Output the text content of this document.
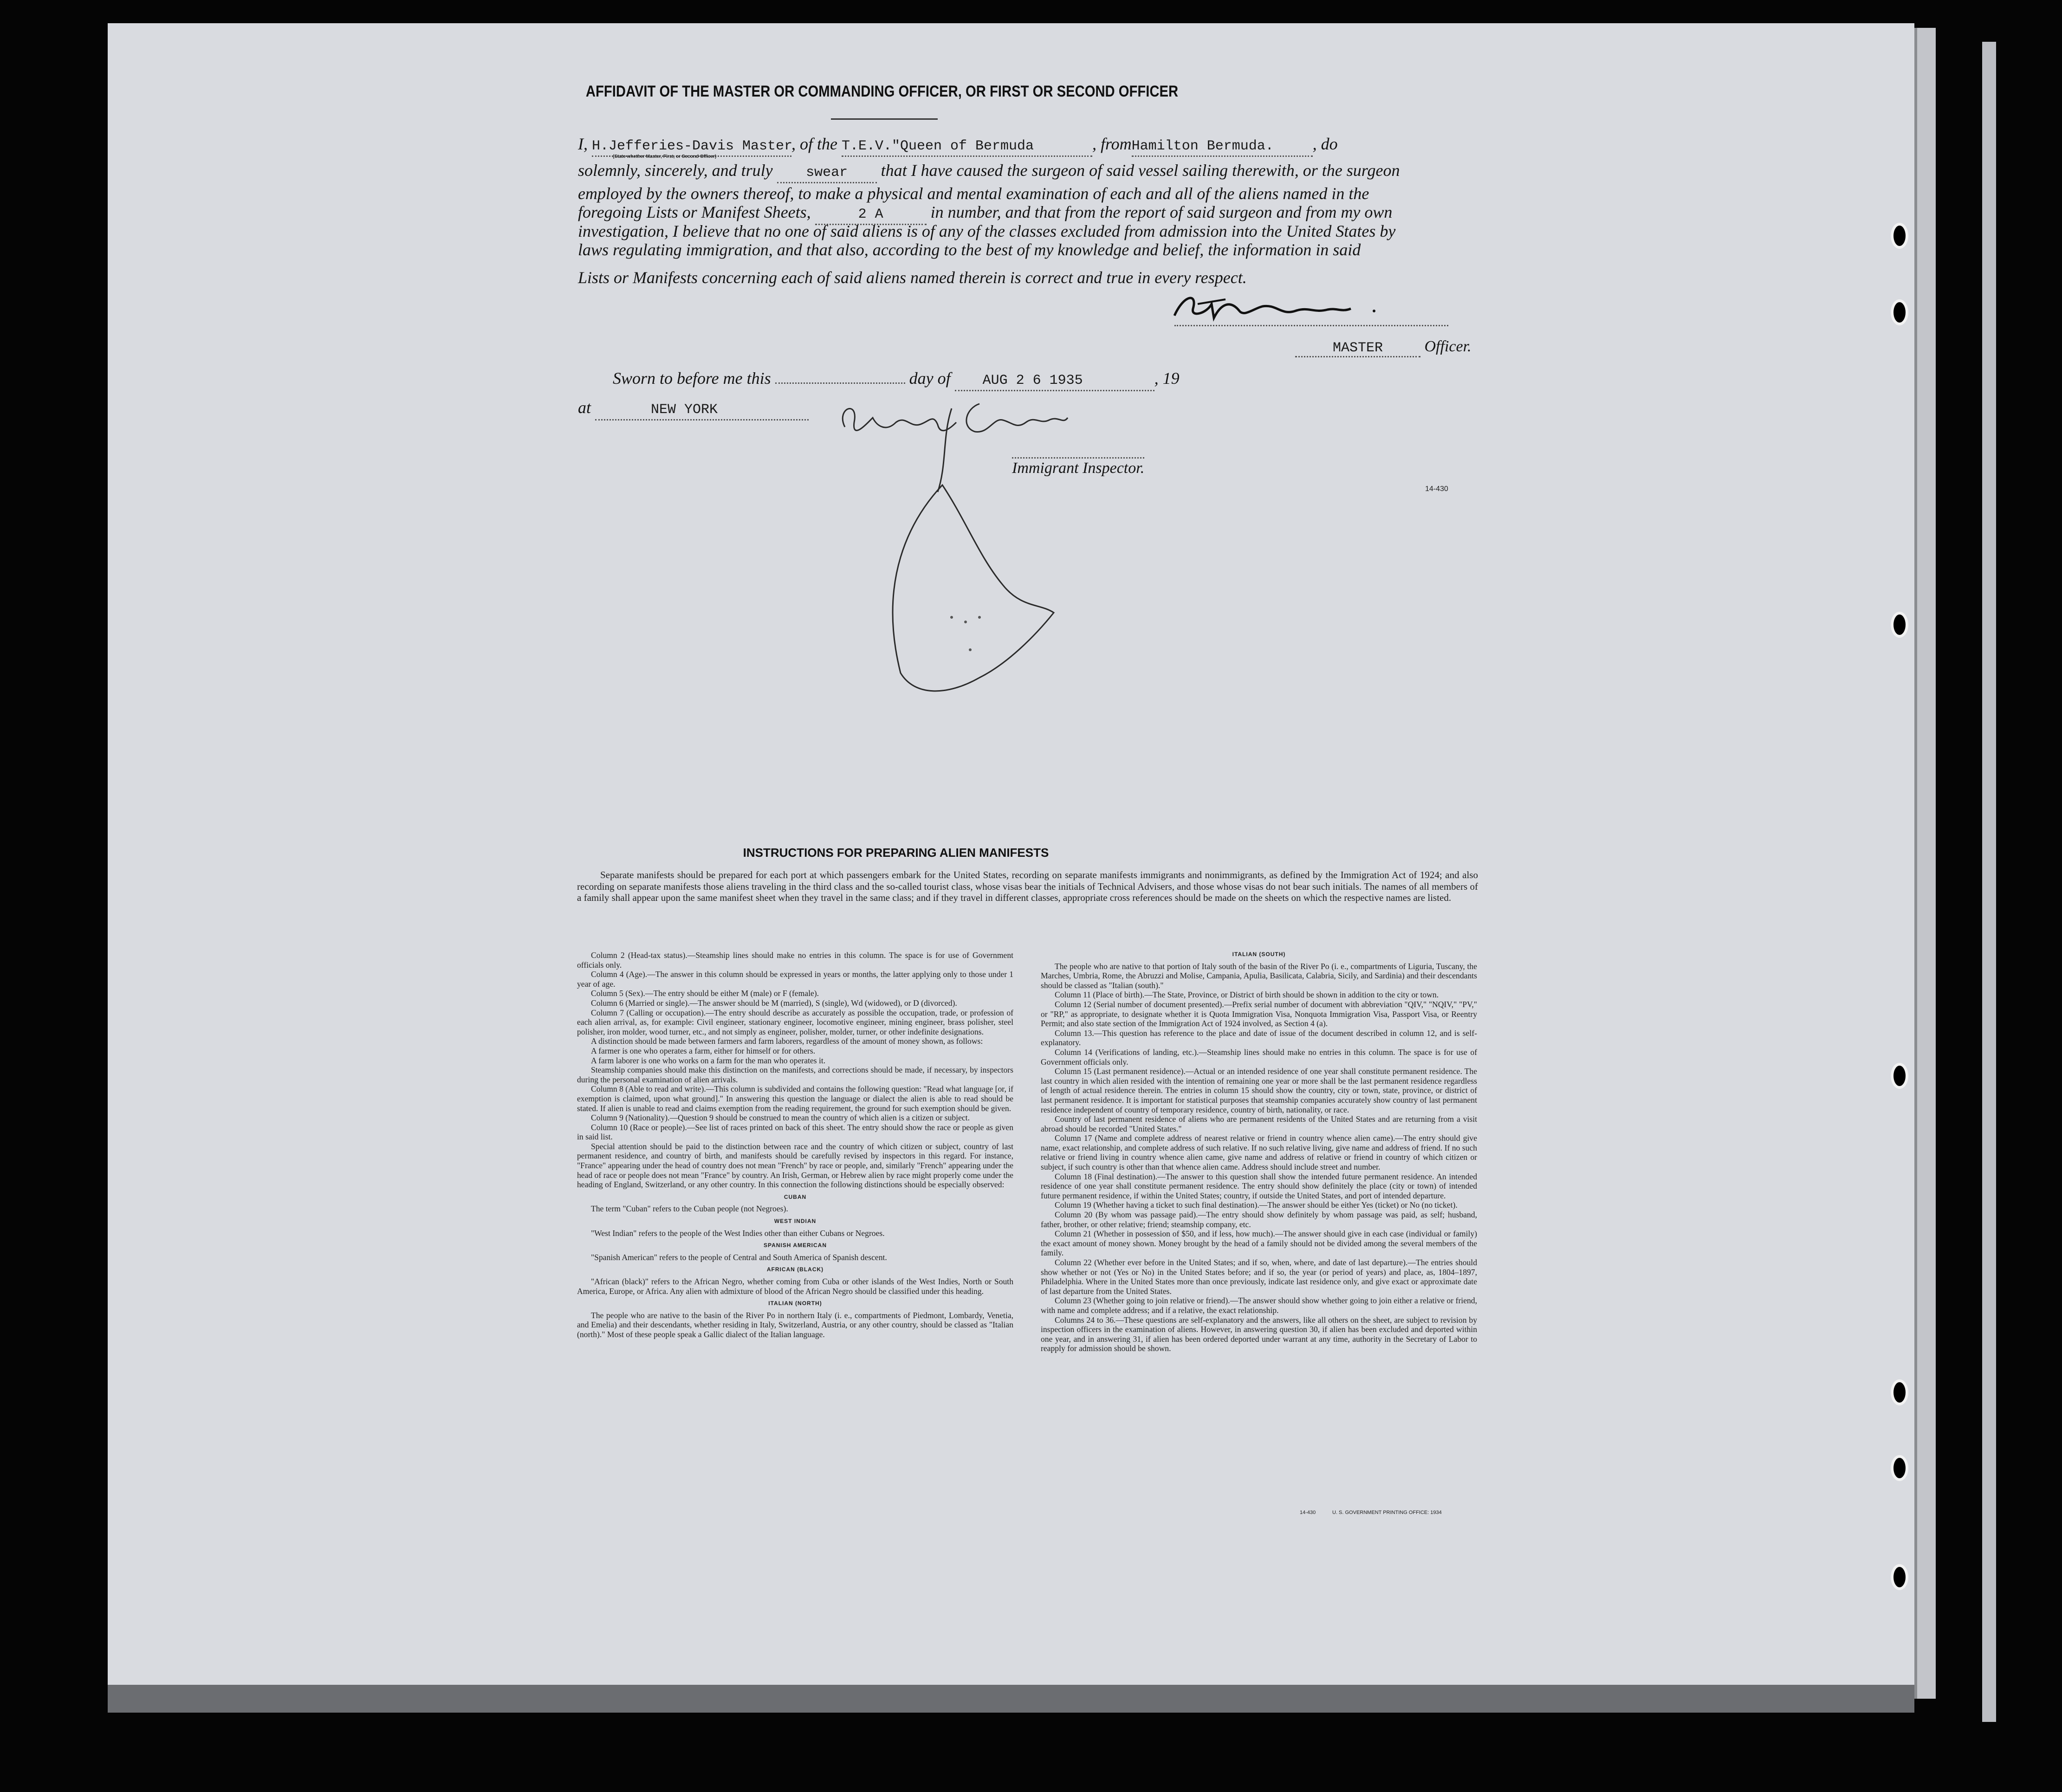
AFFIDAVIT OF THE MASTER OR COMMANDING OFFICER, OR FIRST OR SECOND OFFICER
I, H.Jefferies-Davis Master, of the T.E.V."Queen of Bermuda	, fromHamilton Bermuda. , do
(State whether Master, First, or Second Officer)
solemnly, sincerely, and truly swear that I have caused the surgeon of said vessel sailing therewith, or the surgeon
employed by the owners thereof, to make a physical and mental examination of each and all of the aliens named in the
foregoing Lists or Manifest Sheets,	2 A	in number, and that from the report of said surgeon and from my own
investigation, I believe that no one of said aliens is of any of the classes excluded from admission into the United States by
laws regulating immigration, and that also, according to the best of my knowledge and belief, the information in said
Lists or Manifests concerning each of said aliens named therein is correct and true in every respect.
MASTER	Officer.
Sworn to before me this	day of AUG 2 6 1935	, 19
at	NEW YORK
Immigrant Inspector.
14-430
INSTRUCTIONS FOR PREPARING ALIEN MANIFESTS
Separate manifests should be prepared for each port at which passengers embark for the United States, recording on separate manifests immigrants and nonimmigrants, as defined by the Immigration Act of 1924; and also recording on separate manifests those aliens traveling in the third class and the so-called tourist class, whose visas bear the initials of Technical Advisers, and those whose visas do not bear such initials. The names of all members of a family shall appear upon the same manifest sheet when they travel in the same class; and if they travel in different classes, appropriate cross references should be made on the sheets on which the respective names are listed.

Column 2 (Head-tax status).—Steamship lines should make no entries in this column. The space is for use of Government officials only.

Column 4 (Age).—The answer in this column should be expressed in years or months, the latter applying only to those under 1 year of age.

Column 5 (Sex).—The entry should be either M (male) or F (female).

Column 6 (Married or single).—The answer should be M (married), S (single), Wd (widowed), or D (divorced).

Column 7 (Calling or occupation).—The entry should describe as accurately as possible the occupation, trade, or profession of each alien arrival, as, for example: Civil engineer, stationary engineer, locomotive engineer, mining engineer, brass polisher, steel polisher, iron molder, wood turner, etc., and not simply as engineer, polisher, molder, turner, or other indefinite designations.

A distinction should be made between farmers and farm laborers, regardless of the amount of money shown, as follows:

A farmer is one who operates a farm, either for himself or for others.

A farm laborer is one who works on a farm for the man who operates it.

Steamship companies should make this distinction on the manifests, and corrections should be made, if necessary, by inspectors during the personal examination of alien arrivals.

Column 8 (Able to read and write).—This column is subdivided and contains the following question: "Read what language [or, if exemption is claimed, upon what ground]." In answering this question the language or dialect the alien is able to read should be stated. If alien is unable to read and claims exemption from the reading requirement, the ground for such exemption should be given.

Column 9 (Nationality).—Question 9 should be construed to mean the country of which alien is a citizen or subject.

Column 10 (Race or people).—See list of races printed on back of this sheet. The entry should show the race or people as given in said list.

Special attention should be paid to the distinction between race and the country of which citizen or subject, country of last permanent residence, and country of birth, and manifests should be carefully revised by inspectors in this regard. For instance, "France" appearing under the head of country does not mean "French" by race or people, and, similarly "French" appearing under the head of race or people does not mean "France" by country. An Irish, German, or Hebrew alien by race might properly come under the heading of England, Switzerland, or any other country. In this connection the following distinctions should be especially observed:

CUBAN

The term "Cuban" refers to the Cuban people (not Negroes).

WEST INDIAN

"West Indian" refers to the people of the West Indies other than either Cubans or Negroes.

SPANISH AMERICAN

"Spanish American" refers to the people of Central and South America of Spanish descent.

AFRICAN (BLACK)

"African (black)" refers to the African Negro, whether coming from Cuba or other islands of the West Indies, North or South America, Europe, or Africa. Any alien with admixture of blood of the African Negro should be classified under this heading.

ITALIAN (NORTH)

The people who are native to the basin of the River Po in northern Italy (i. e., compartments of Piedmont, Lombardy, Venetia, and Emelia) and their descendants, whether residing in Italy, Switzerland, Austria, or any other country, should be classed as "Italian (north)." Most of these people speak a Gallic dialect of the Italian language.

ITALIAN (SOUTH)

The people who are native to that portion of Italy south of the basin of the River Po (i. e., compartments of Liguria, Tuscany, the Marches, Umbria, Rome, the Abruzzi and Molise, Campania, Apulia, Basilicata, Calabria, Sicily, and Sardinia) and their descendants should be classed as "Italian (south)."

Column 11 (Place of birth).—The State, Province, or District of birth should be shown in addition to the city or town.

Column 12 (Serial number of document presented).—Prefix serial number of document with abbreviation "QIV," "NQIV," "PV," or "RP," as appropriate, to designate whether it is Quota Immigration Visa, Nonquota Immigration Visa, Passport Visa, or Reentry Permit; and also state section of the Immigration Act of 1924 involved, as Section 4 (a).

Column 13.—This question has reference to the place and date of issue of the document described in column 12, and is self-explanatory.

Column 14 (Verifications of landing, etc.).—Steamship lines should make no entries in this column. The space is for use of Government officials only.

Column 15 (Last permanent residence).—Actual or an intended residence of one year shall constitute permanent residence. The last country in which alien resided with the intention of remaining one year or more shall be the last permanent residence regardless of length of actual residence therein. The entries in column 15 should show the country, city or town, state, province, or district of last permanent residence. It is important for statistical purposes that steamship companies accurately show country of last permanent residence independent of country of temporary residence, country of birth, nationality, or race.

Country of last permanent residence of aliens who are permanent residents of the United States and are returning from a visit abroad should be recorded "United States."

Column 17 (Name and complete address of nearest relative or friend in country whence alien came).—The entry should give name, exact relationship, and complete address of such relative. If no such relative living, give name and address of friend. If no such relative or friend living in country whence alien came, give name and address of relative or friend in country of which citizen or subject, if such country is other than that whence alien came. Address should include street and number.

Column 18 (Final destination).—The answer to this question shall show the intended future permanent residence. An intended residence of one year shall constitute permanent residence. The entry should show definitely the place (city or town) of intended future permanent residence, if within the United States; country, if outside the United States, and port of intended departure.

Column 19 (Whether having a ticket to such final destination).—The answer should be either Yes (ticket) or No (no ticket).

Column 20 (By whom was passage paid).—The entry should show definitely by whom passage was paid, as self; husband, father, brother, or other relative; friend; steamship company, etc.

Column 21 (Whether in possession of $50, and if less, how much).—The answer should give in each case (individual or family) the exact amount of money shown. Money brought by the head of a family should not be divided among the several members of the family.

Column 22 (Whether ever before in the United States; and if so, when, where, and date of last departure).—The entries should show whether or not (Yes or No) in the United States before; and if so, the year (or period of years) and place, as, 1804–1897, Philadelphia. Where in the United States more than once previously, indicate last residence only, and give exact or approximate date of last departure from the United States.

Column 23 (Whether going to join relative or friend).—The answer should show whether going to join either a relative or friend, with name and complete address; and if a relative, the exact relationship.

Columns 24 to 36.—These questions are self-explanatory and the answers, like all others on the sheet, are subject to revision by inspection officers in the examination of aliens. However, in answering question 30, if alien has been excluded and deported within one year, and in answering 31, if alien has been ordered deported under warrant at any time, authority in the Secretary of Labor to reapply for admission should be shown.

14-430	U. S. GOVERNMENT PRINTING OFFICE: 1934
